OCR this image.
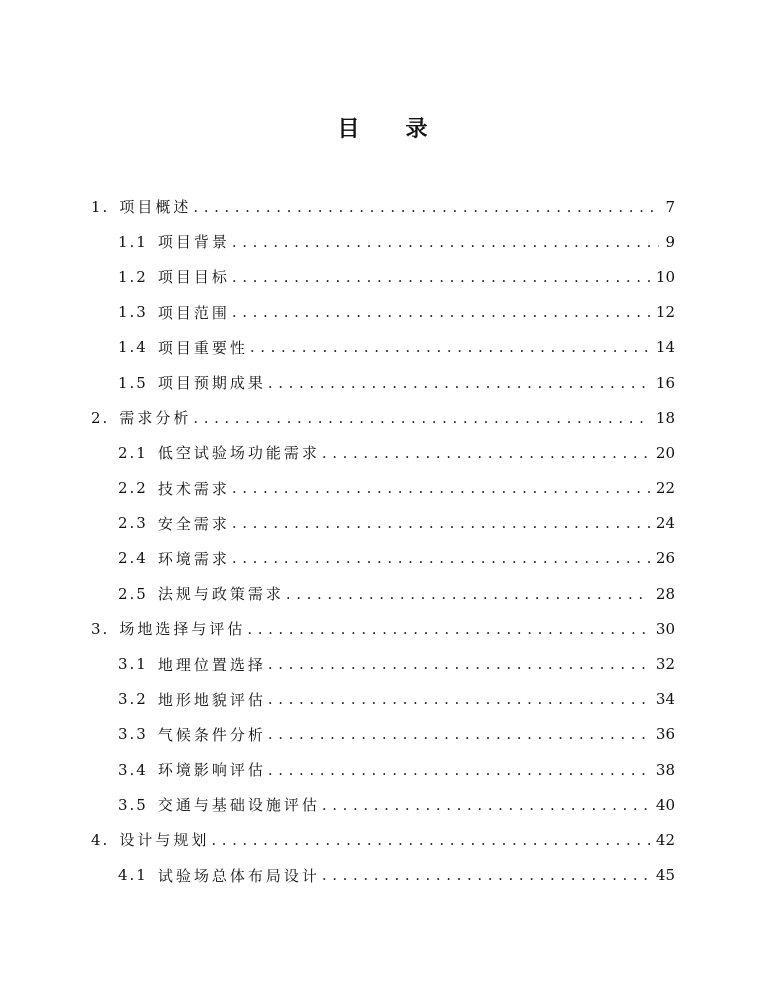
目 录
1. 项目概述 .....	7
1.1 项目背景 .....	9
1.2 项目目标 .....	10
1.3 项目范围 .....	12
1.4 项目重要性 .....	14
1.5 项目预期成果 .....	16
2. 需求分析 .....	18
2.1 低空试验场功能需求 .....	20
2.2 技术需求 .....	22
2.3 安全需求 .....	24
2.4 环境需求 .....	26
2.5 法规与政策需求 .....	28
3. 场地选择与评估 .....	30
3.1 地理位置选择 .....	32
3.2 地形地貌评估 .....	34
3.3 气候条件分析 .....	36
3.4 环境影响评估 .....	38
3.5 交通与基础设施评估 .....	40
4. 设计与规划 .....	42
4.1 试验场总体布局设计 .....	45
